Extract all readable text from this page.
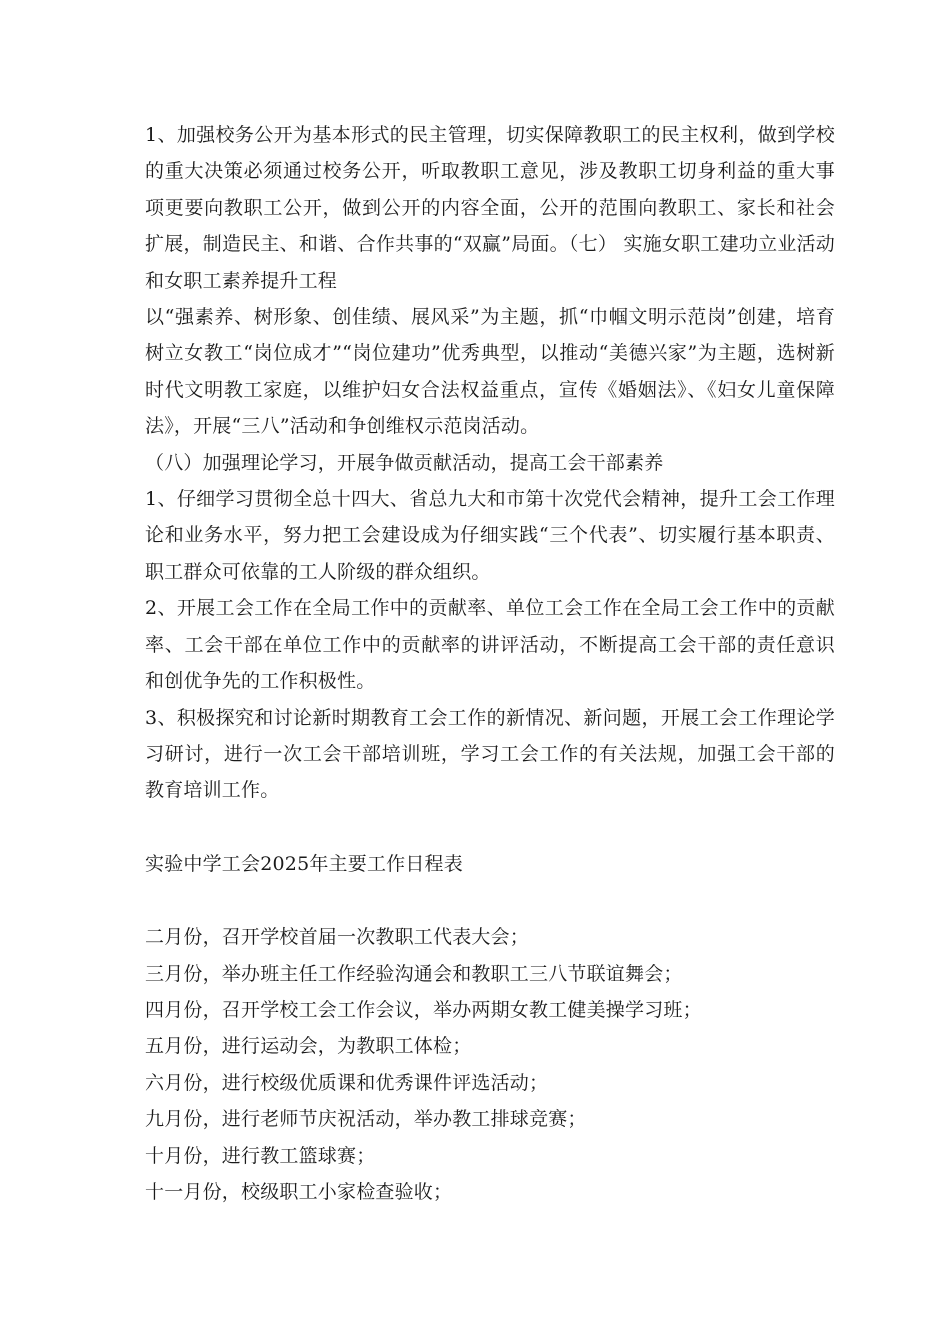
1、加强校务公开为基本形式的民主管理，切实保障教职工的民主权利，做到学校的重大决策必须通过校务公开，听取教职工意见，涉及教职工切身利益的重大事项更要向教职工公开，做到公开的内容全面，公开的范围向教职工、家长和社会扩展，制造民主、和谐、合作共事的“双赢”局面。（七） 实施女职工建功立业活动和女职工素养提升工程

以“强素养、树形象、创佳绩、展风采”为主题，抓“巾帼文明示范岗”创建，培育树立女教工“岗位成才”“岗位建功”优秀典型，以推动“美德兴家”为主题，选树新时代文明教工家庭，以维护妇女合法权益重点，宣传《婚姻法》、《妇女儿童保障法》，开展“三八”活动和争创维权示范岗活动。

（八）加强理论学习，开展争做贡献活动，提高工会干部素养

1、仔细学习贯彻全总十四大、省总九大和市第十次党代会精神，提升工会工作理论和业务水平，努力把工会建设成为仔细实践“三个代表”、切实履行基本职责、职工群众可依靠的工人阶级的群众组织。

2、开展工会工作在全局工作中的贡献率、单位工会工作在全局工会工作中的贡献率、工会干部在单位工作中的贡献率的讲评活动，不断提高工会干部的责任意识和创优争先的工作积极性。

3、积极探究和讨论新时期教育工会工作的新情况、新问题，开展工会工作理论学习研讨，进行一次工会干部培训班，学习工会工作的有关法规，加强工会干部的教育培训工作。

实验中学工会2025年主要工作日程表

二月份，召开学校首届一次教职工代表大会；

三月份，举办班主任工作经验沟通会和教职工三八节联谊舞会；

四月份，召开学校工会工作会议，举办两期女教工健美操学习班；

五月份，进行运动会，为教职工体检；

六月份，进行校级优质课和优秀课件评选活动；

九月份，进行老师节庆祝活动，举办教工排球竞赛；

十月份，进行教工篮球赛；

十一月份，校级职工小家检查验收；
